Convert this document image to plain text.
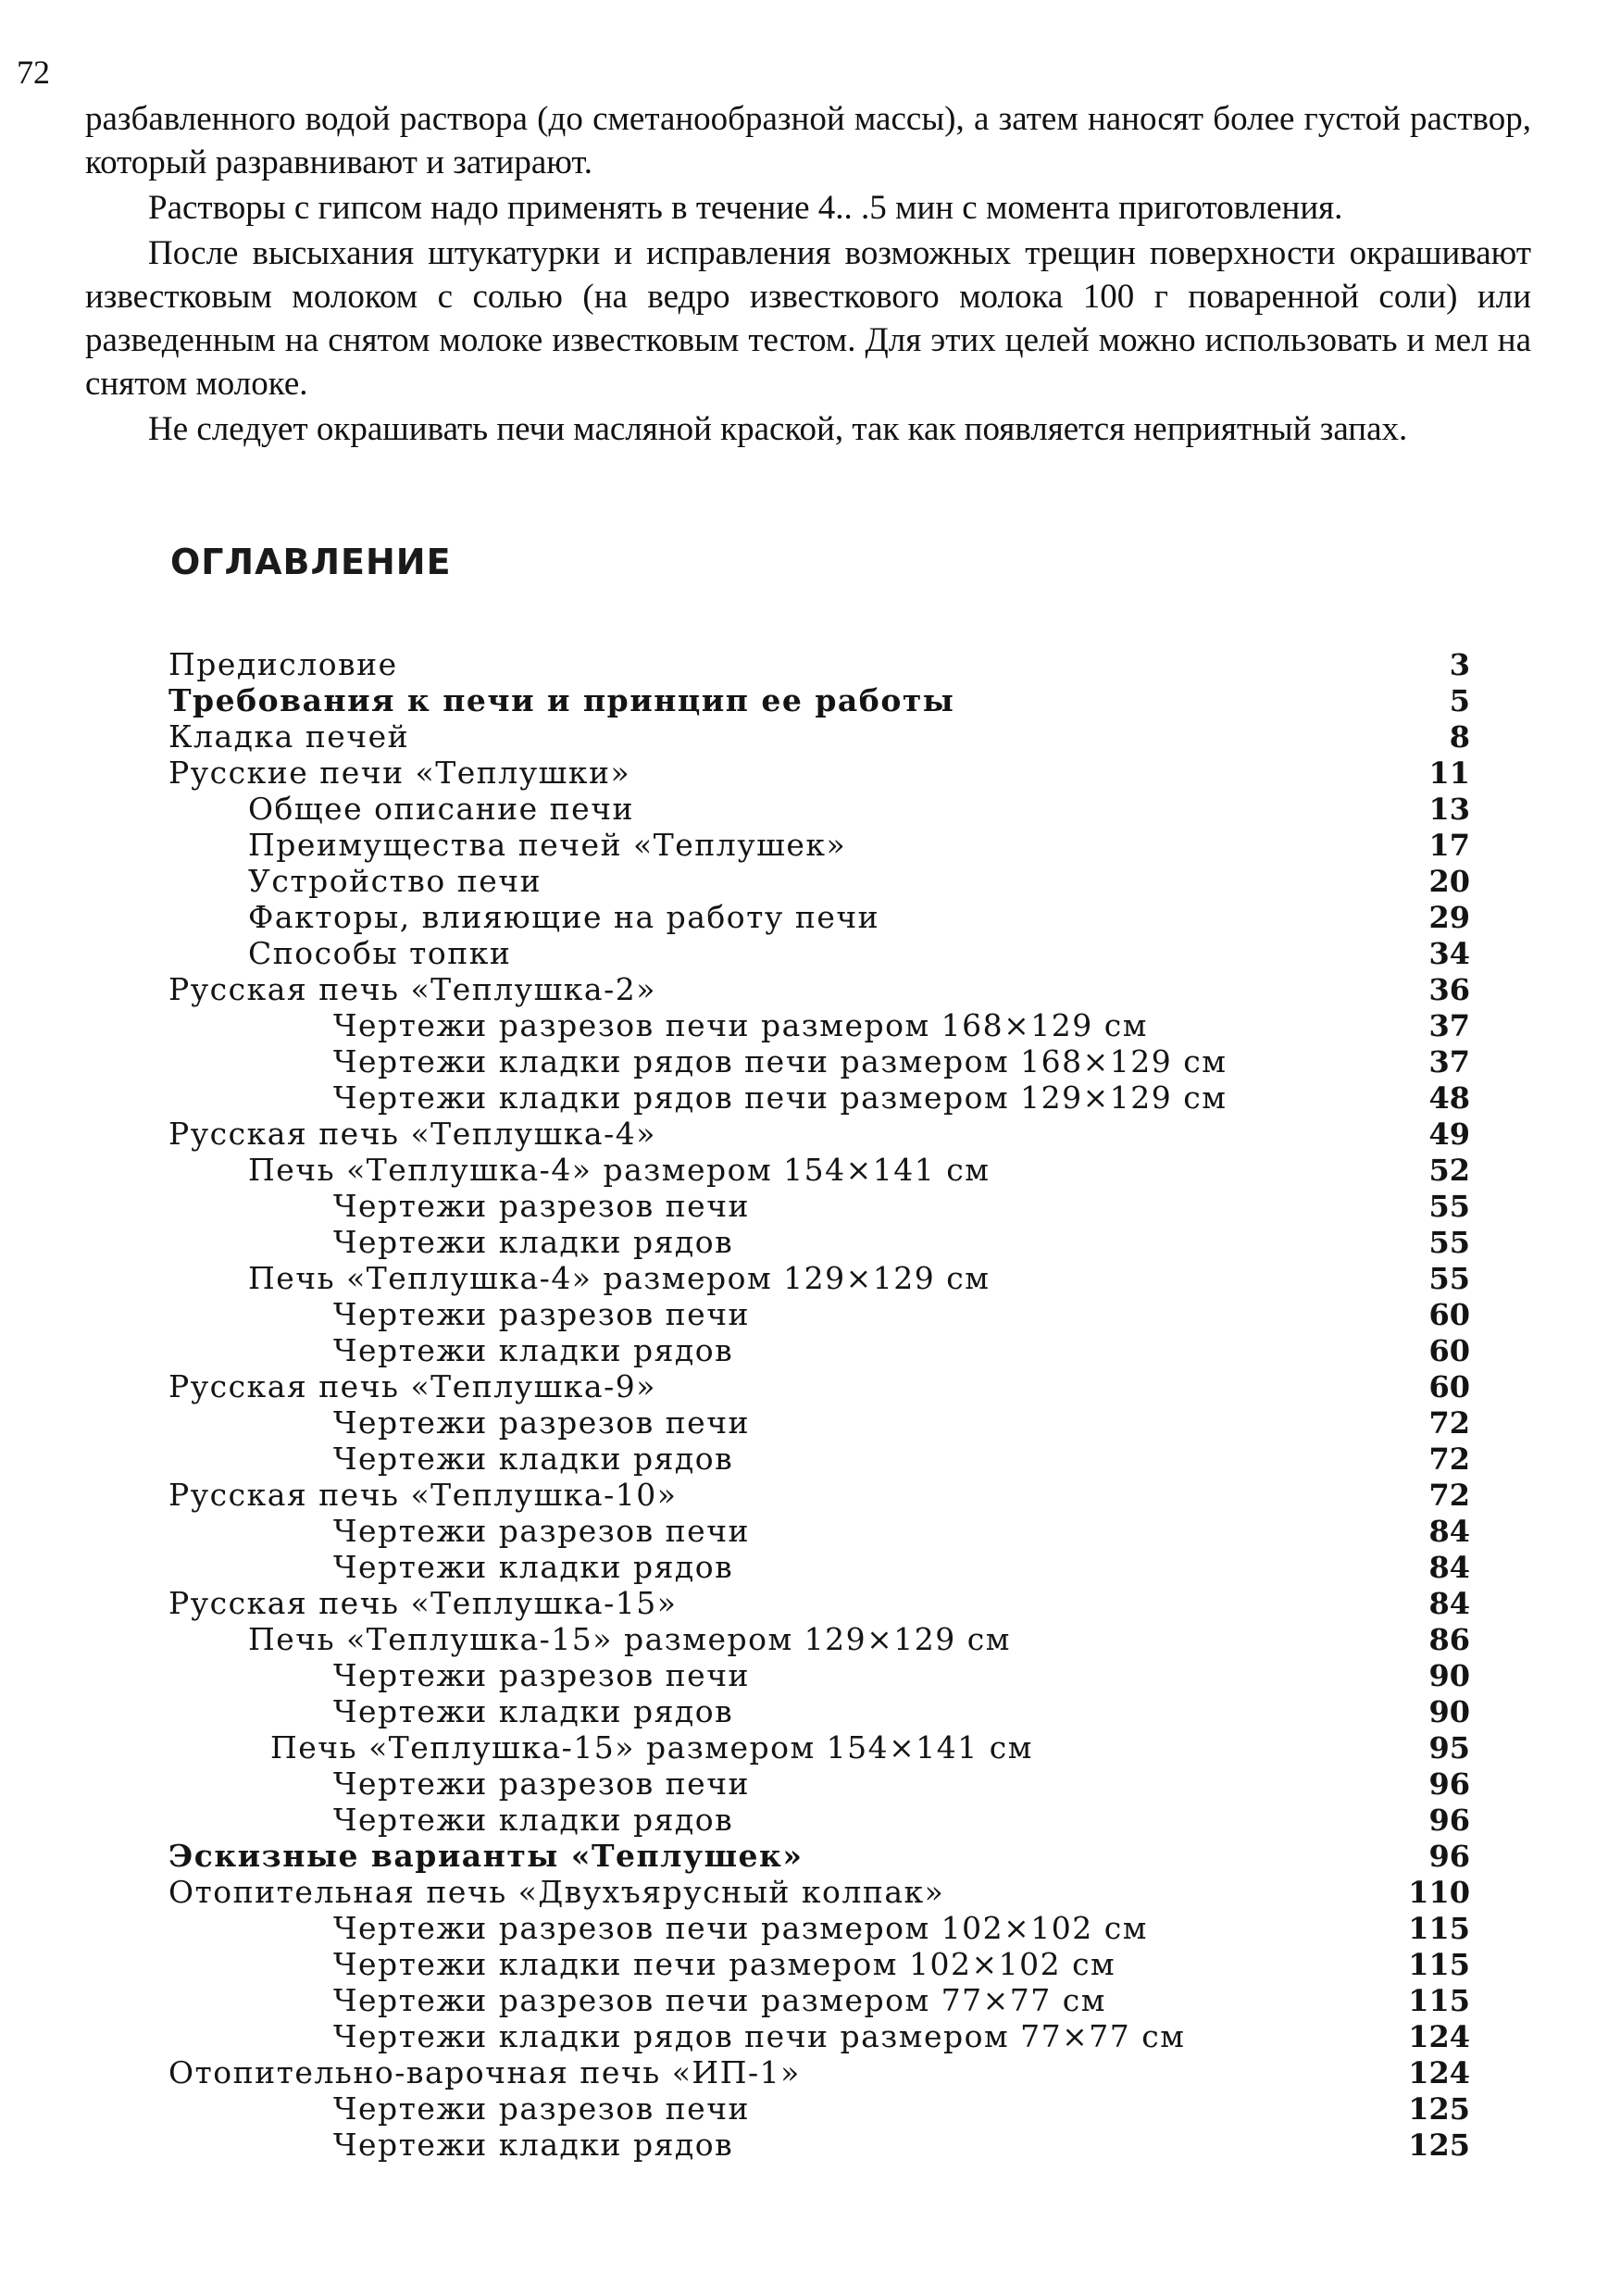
72

разбавленного водой раствора (до сметанообразной массы), а затем наносят более густой раствор, который разравнивают и затирают.

Растворы с гипсом надо применять в течение 4.. .5 мин с момента приготовления.

После высыхания штукатурки и исправления возможных трещин поверхности окрашивают известковым молоком с солью (на ведро известкового молока 100 г поваренной соли) или разведенным на снятом молоке известковым тестом. Для этих целей можно использовать и мел на снятом молоке.

Не следует окрашивать печи масляной краской, так как появляется неприятный запах.

ОГЛАВЛЕНИЕ
Предисловие	3
Требования к печи и принцип ее работы	5
Кладка печей	8
Русские печи «Теплушки»	11
Общее описание печи	13
Преимущества печей «Теплушек»	17
Устройство печи	20
Факторы, влияющие на работу печи	29
Способы топки	34
Русская печь «Теплушка-2»	36
Чертежи разрезов печи размером 168×129 см	37
Чертежи кладки рядов печи размером 168×129 см	37
Чертежи кладки рядов печи размером 129×129 см	48
Русская печь «Теплушка-4»	49
Печь «Теплушка-4» размером 154×141 см	52
Чертежи разрезов печи	55
Чертежи кладки рядов	55
Печь «Теплушка-4» размером 129×129 см	55
Чертежи разрезов печи	60
Чертежи кладки рядов	60
Русская печь «Теплушка-9»	60
Чертежи разрезов печи	72
Чертежи кладки рядов	72
Русская печь «Теплушка-10»	72
Чертежи разрезов печи	84
Чертежи кладки рядов	84
Русская печь «Теплушка-15»	84
Печь «Теплушка-15» размером 129×129 см	86
Чертежи разрезов печи	90
Чертежи кладки рядов	90
Печь «Теплушка-15» размером 154×141 см	95
Чертежи разрезов печи	96
Чертежи кладки рядов	96
Эскизные варианты «Теплушек»	96
Отопительная печь «Двухъярусный колпак»	110
Чертежи разрезов печи размером 102×102 см	115
Чертежи кладки печи размером 102×102 см	115
Чертежи разрезов печи размером 77×77 см	115
Чертежи кладки рядов печи размером 77×77 см	124
Отопительно-варочная печь «ИП-1»	124
Чертежи разрезов печи	125
Чертежи кладки рядов	125
